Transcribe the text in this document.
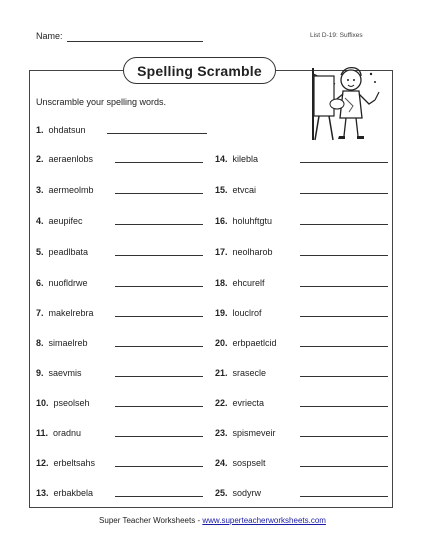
Name:	List D-19: Suffixes
Spelling Scramble
Unscramble your spelling words.
1. ohdatsun
2. aeraenlobs
3. aermeolmb
4. aeupifec
5. peadlbata
6. nuofldrwe
7. makelrebra
8. simaelreb
9. saevmis
10. pseolseh
11. oradnu
12. erbeltsahs
13. erbakbela
14. kilebla
15. etvcai
16. holuhftgtu
17. neolharob
18. ehcurelf
19. louclrof
20. erbpaetlcid
21. srasecle
22. evriecta
23. spismeveir
24. sospselt
25. sodyrw
Super Teacher Worksheets - www.superteacherworksheets.com
